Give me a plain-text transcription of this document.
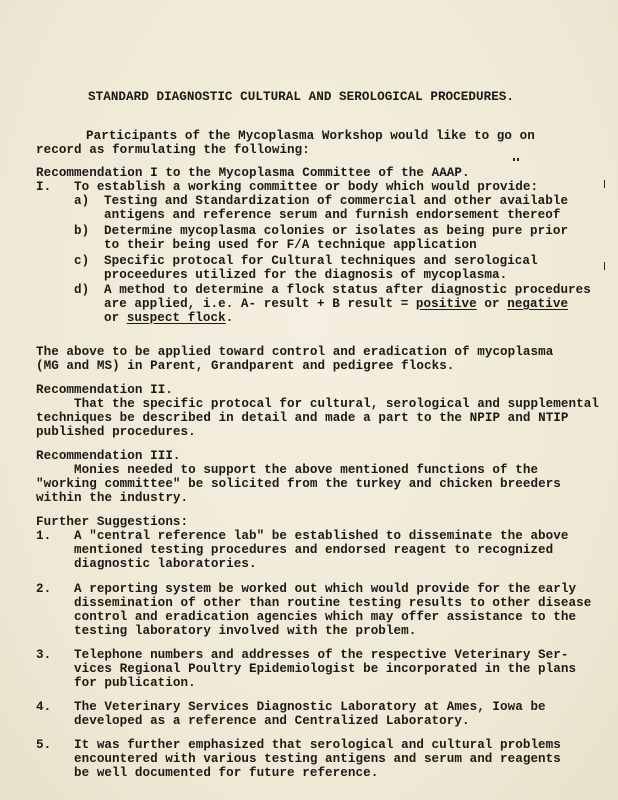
STANDARD DIAGNOSTIC CULTURAL AND SEROLOGICAL PROCEDURES.
Participants of the Mycoplasma Workshop would like to go on
record as formulating the following:
Recommendation I to the Mycoplasma Committee of the AAAP.
I. To establish a working committee or body which would provide:
a) Testing and Standardization of commercial and other available
antigens and reference serum and furnish endorsement thereof
b) Determine mycoplasma colonies or isolates as being pure prior
to their being used for F/A technique application
c) Specific protocal for Cultural techniques and serological
proceedures utilized for the diagnosis of mycoplasma.
d) A method to determine a flock status after diagnostic procedures
are applied, i.e. A- result + B result = positive or negative
or suspect flock.
The above to be applied toward control and eradication of mycoplasma
(MG and MS) in Parent, Grandparent and pedigree flocks.
Recommendation II.
That the specific protocal for cultural, serological and supplemental
techniques be described in detail and made a part to the NPIP and NTIP
published procedures.
Recommendation III.
Monies needed to support the above mentioned functions of the
"working committee" be solicited from the turkey and chicken breeders
within the industry.
Further Suggestions:
1. A "central reference lab" be established to disseminate the above
mentioned testing procedures and endorsed reagent to recognized
diagnostic laboratories.
2. A reporting system be worked out which would provide for the early
dissemination of other than routine testing results to other disease
control and eradication agencies which may offer assistance to the
testing laboratory involved with the problem.
3. Telephone numbers and addresses of the respective Veterinary Ser-
vices Regional Poultry Epidemiologist be incorporated in the plans
for publication.
4. The Veterinary Services Diagnostic Laboratory at Ames, Iowa be
developed as a reference and Centralized Laboratory.
5. It was further emphasized that serological and cultural problems
encountered with various testing antigens and serum and reagents
be well documented for future reference.
